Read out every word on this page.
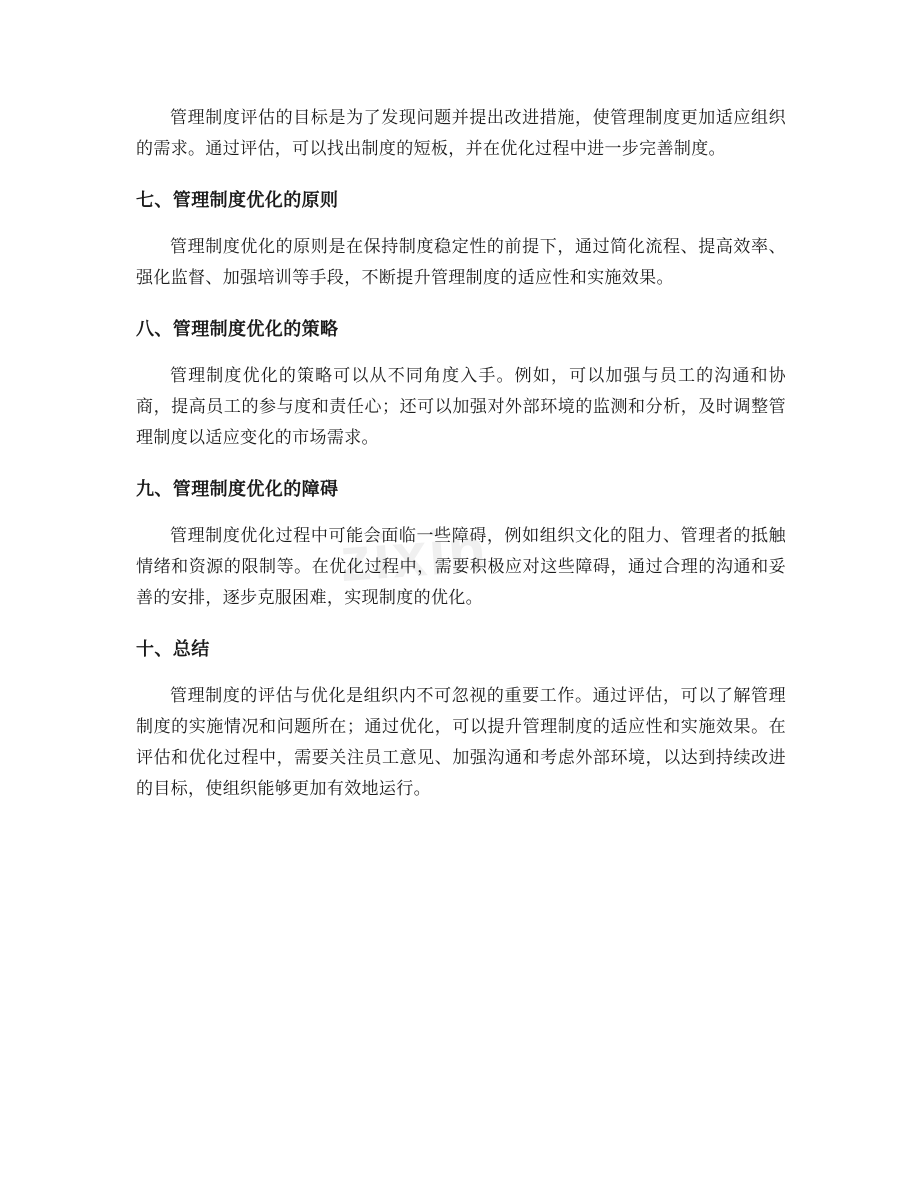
zixin

管理制度评估的目标是为了发现问题并提出改进措施，使管理制度更加适应组织的需求。通过评估，可以找出制度的短板，并在优化过程中进一步完善制度。

七、管理制度优化的原则

管理制度优化的原则是在保持制度稳定性的前提下，通过简化流程、提高效率、强化监督、加强培训等手段，不断提升管理制度的适应性和实施效果。

八、管理制度优化的策略

管理制度优化的策略可以从不同角度入手。例如，可以加强与员工的沟通和协商，提高员工的参与度和责任心；还可以加强对外部环境的监测和分析，及时调整管理制度以适应变化的市场需求。

九、管理制度优化的障碍

管理制度优化过程中可能会面临一些障碍，例如组织文化的阻力、管理者的抵触情绪和资源的限制等。在优化过程中，需要积极应对这些障碍，通过合理的沟通和妥善的安排，逐步克服困难，实现制度的优化。

十、总结

管理制度的评估与优化是组织内不可忽视的重要工作。通过评估，可以了解管理制度的实施情况和问题所在；通过优化，可以提升管理制度的适应性和实施效果。在评估和优化过程中，需要关注员工意见、加强沟通和考虑外部环境，以达到持续改进的目标，使组织能够更加有效地运行。
